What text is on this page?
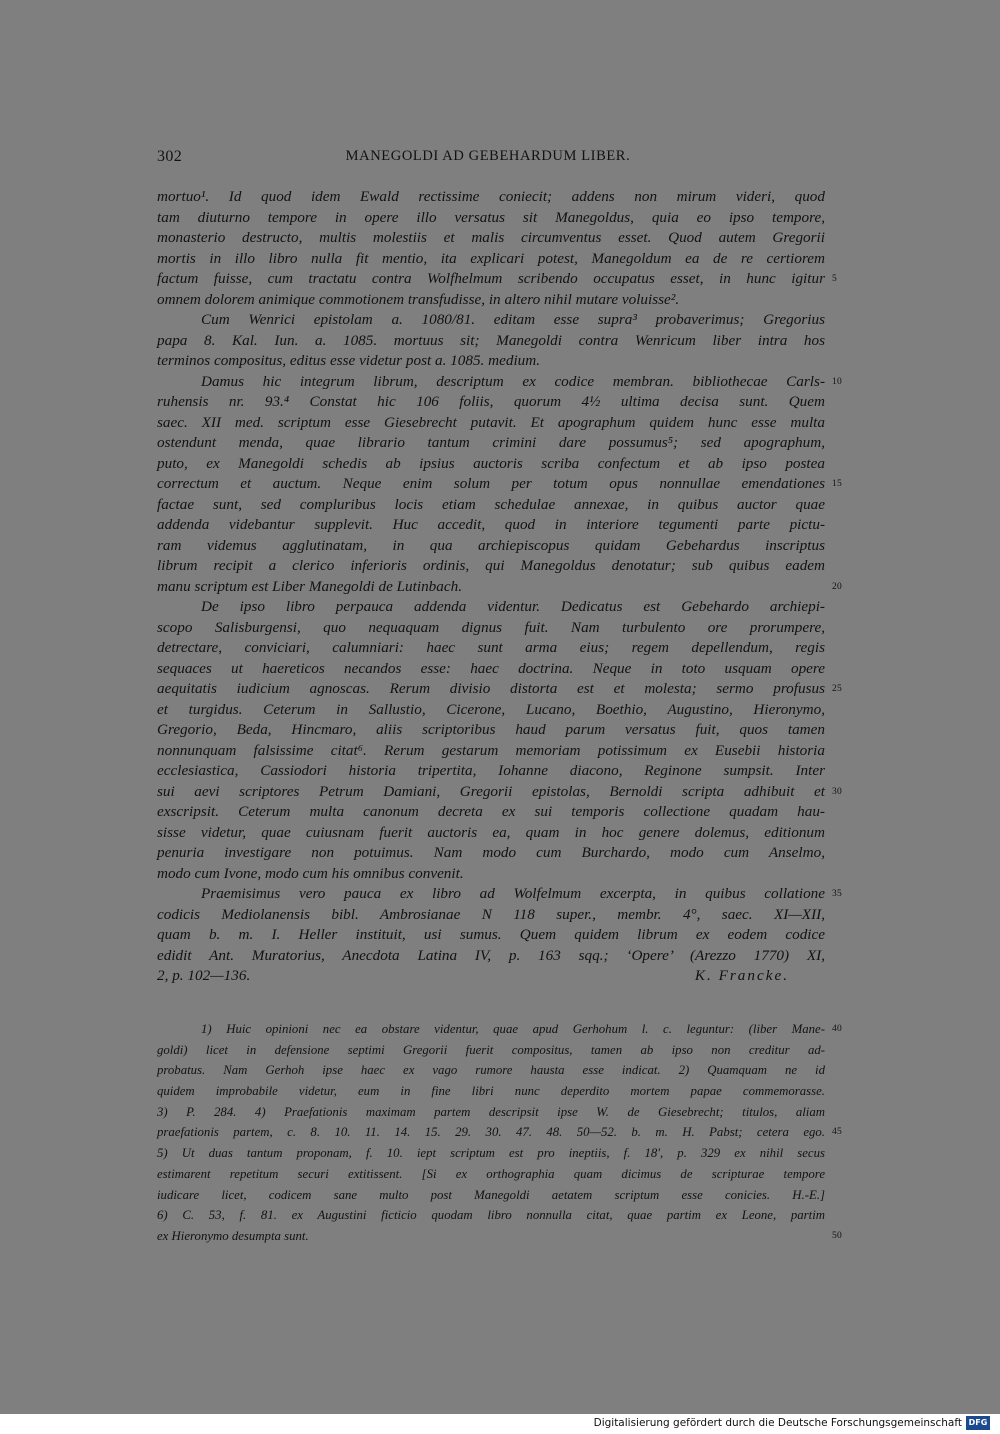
302	MANEGOLDI AD GEBEHARDUM LIBER.
mortuo¹. Id quod idem Ewald rectissime coniecit; addens non mirum videri, quod
tam diuturno tempore in opere illo versatus sit Manegoldus, quia eo ipso tempore,
monasterio destructo, multis molestiis et malis circumventus esset. Quod autem Gregorii
mortis in illo libro nulla fit mentio, ita explicari potest, Manegoldum ea de re certiorem
factum fuisse, cum tractatu contra Wolfhelmum scribendo occupatus esset, in hunc igitur 5
omnem dolorem animique commotionem transfudisse, in altero nihil mutare voluisse².
Cum Wenrici epistolam a. 1080/81. editam esse supra³ probaverimus; Gregorius
papa 8. Kal. Iun. a. 1085. mortuus sit; Manegoldi contra Wenricum liber intra hos
terminos compositus, editus esse videtur post a. 1085. medium.
Damus hic integrum librum, descriptum ex codice membran. bibliothecae Carls- 10
ruhensis nr. 93.⁴ Constat hic 106 foliis, quorum 4½ ultima decisa sunt. Quem
saec. XII med. scriptum esse Giesebrecht putavit. Et apographum quidem hunc esse multa
ostendunt menda, quae librario tantum crimini dare possumus⁵; sed apographum,
puto, ex Manegoldi schedis ab ipsius auctoris scriba confectum et ab ipso postea
correctum et auctum. Neque enim solum per totum opus nonnullae emendationes 15
factae sunt, sed compluribus locis etiam schedulae annexae, in quibus auctor quae
addenda videbantur supplevit. Huc accedit, quod in interiore tegumenti parte pictu-
ram videmus agglutinatam, in qua archiepiscopus quidam Gebehardus inscriptus
librum recipit a clerico inferioris ordinis, qui Manegoldus denotatur; sub quibus eadem
manu scriptum est Liber Manegoldi de Lutinbach.	20
De ipso libro perpauca addenda videntur. Dedicatus est Gebehardo archiepi-
scopo Salisburgensi, quo nequaquam dignus fuit. Nam turbulento ore prorumpere,
detrectare, conviciari, calumniari: haec sunt arma eius; regem depellendum, regis
sequaces ut haereticos necandos esse: haec doctrina. Neque in toto usquam opere
aequitatis iudicium agnoscas. Rerum divisio distorta est et molesta; sermo profusus 25
et turgidus. Ceterum in Sallustio, Cicerone, Lucano, Boethio, Augustino, Hieronymo,
Gregorio, Beda, Hincmaro, aliis scriptoribus haud parum versatus fuit, quos tamen
nonnunquam falsissime citat⁶. Rerum gestarum memoriam potissimum ex Eusebii historia
ecclesiastica, Cassiodori historia tripertita, Iohanne diacono, Reginone sumpsit. Inter
sui aevi scriptores Petrum Damiani, Gregorii epistolas, Bernoldi scripta adhibuit et 30
exscripsit. Ceterum multa canonum decreta ex sui temporis collectione quadam hau-
sisse videtur, quae cuiusnam fuerit auctoris ea, quam in hoc genere dolemus, editionum
penuria investigare non potuimus. Nam modo cum Burchardo, modo cum Anselmo,
modo cum Ivone, modo cum his omnibus convenit.
Praemisimus vero pauca ex libro ad Wolfelmum excerpta, in quibus collatione 35
codicis Mediolanensis bibl. Ambrosianae N 118 super., membr. 4°, saec. XI—XII,
quam b. m. I. Heller instituit, usi sumus. Quem quidem librum ex eodem codice
edidit Ant. Muratorius, Anecdota Latina IV, p. 163 sqq.; ‘Opere’ (Arezzo 1770) XI,
2, p. 102—136.	K. Francke.
1) Huic opinioni nec ea obstare videntur, quae apud Gerhohum l. c. leguntur: (liber Mane- 40
goldi) licet in defensione septimi Gregorii fuerit compositus, tamen ab ipso non creditur ad-
probatus. Nam Gerhoh ipse haec ex vago rumore hausta esse indicat. 2) Quamquam ne id
quidem improbabile videtur, eum in fine libri nunc deperdito mortem papae commemorasse.
3) P. 284. 4) Praefationis maximam partem descripsit ipse W. de Giesebrecht; titulos, aliam
praefationis partem, c. 8. 10. 11. 14. 15. 29. 30. 47. 48. 50—52. b. m. H. Pabst; cetera ego. 45
5) Ut duas tantum proponam, f. 10. iept scriptum est pro ineptiis, f. 18', p. 329 ex nihil secus
estimarent repetitum securi extitissent. [Si ex orthographia quam dicimus de scripturae tempore
iudicare licet, codicem sane multo post Manegoldi aetatem scriptum esse conicies. H.-E.]
6) C. 53, f. 81. ex Augustini ficticio quodam libro nonnulla citat, quae partim ex Leone, partim
ex Hieronymo desumpta sunt.	50
Digitalisierung gefördert durch die Deutsche Forschungsgemeinschaft DFG
